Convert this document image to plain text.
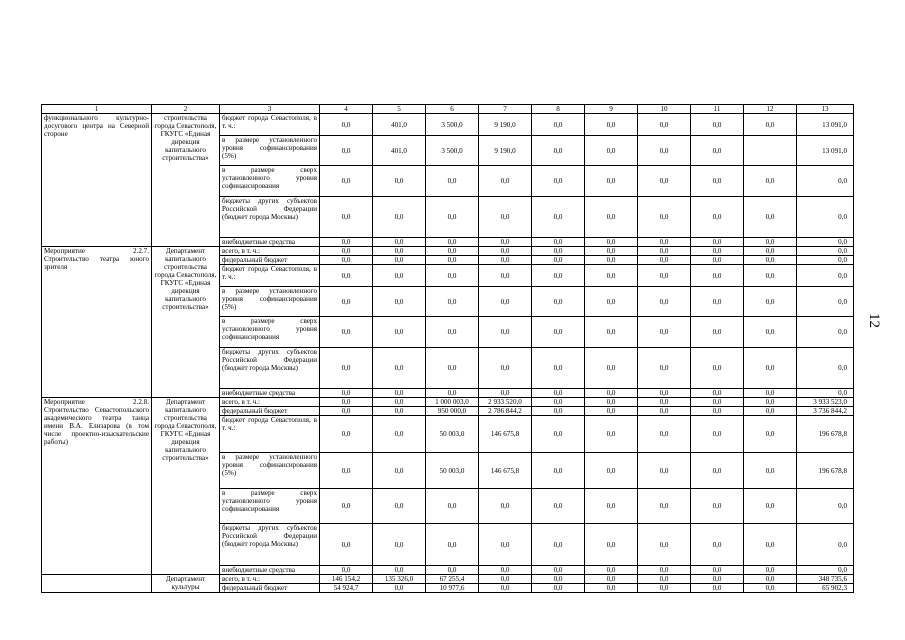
1	2	3	4	5	6	7	8	9	10	11	12	13
функционального культурно-досугового центра на Северной стороне	строительства города Севастополя, ГКУГС «Единая дирекция капитального строительства»	бюджет города Севастополя, в т. ч.:	0,0	401,0	3 500,0	9 190,0	0,0	0,0	0,0	0,0	0,0	13 091,0
		в размере установленного уровня софинансирования (5%)	0,0	401,0	3 500,0	9 190,0	0,0	0,0	0,0	0,0		13 091,0
		в размере сверх установленного уровня софинансирования	0,0	0,0	0,0	0,0	0,0	0,0	0,0	0,0	0,0	0,0
		бюджеты других субъектов Российской Федерации (бюджет города Москвы)	0,0	0,0	0,0	0,0	0,0	0,0	0,0	0,0	0,0	0,0
		внебюджетные средства	0,0	0,0	0,0	0,0	0,0	0,0	0,0	0,0	0,0	0,0
Мероприятие 2.2.7. Строительство театра юного зрителя	Департамент капитального строительства города Севастополя, ГКУГС «Единая дирекция капитального строительства»	всего, в т. ч.:	0,0	0,0	0,0	0,0	0,0	0,0	0,0	0,0	0,0	0,0
		федеральный бюджет	0,0	0,0	0,0	0,0	0,0	0,0	0,0	0,0	0,0	0,0
		бюджет города Севастополя, в т. ч.:	0,0	0,0	0,0	0,0	0,0	0,0	0,0	0,0	0,0	0,0
		в размере установленного уровня софинансирования (5%)	0,0	0,0	0,0	0,0	0,0	0,0	0,0	0,0	0,0	0,0
		в размере сверх установленного уровня софинансирования	0,0	0,0	0,0	0,0	0,0	0,0	0,0	0,0	0,0	0,0
		бюджеты других субъектов Российской Федерации (бюджет города Москвы)	0,0	0,0	0,0	0,0	0,0	0,0	0,0	0,0	0,0	0,0
		внебюджетные средства	0,0	0,0	0,0	0,0	0,0	0,0	0,0	0,0	0,0	0,0
Мероприятие 2.2.8. Строительство Севастопольского академического театра танца имени В.А. Елизарова (в том числе проектно-изыскательские работы)	Департамент капитального строительства города Севастополя, ГКУГС «Единая дирекция капитального строительства»	всего, в т. ч.:	0,0	0,0	1 000 003,0	2 933 520,0	0,0	0,0	0,0	0,0	0,0	3 933 523,0
		федеральный бюджет	0,0	0,0	950 000,0	2 786 844,2	0,0	0,0	0,0	0,0	0,0	3 736 844,2
		бюджет города Севастополя, в т. ч.:	0,0	0,0	50 003,0	146 675,8	0,0	0,0	0,0	0,0	0,0	196 678,8
		в размере установленного уровня софинансирования (5%)	0,0	0,0	50 003,0	146 675,8	0,0	0,0	0,0	0,0	0,0	196 678,8
		в размере сверх установленного уровня софинансирования	0,0	0,0	0,0	0,0	0,0	0,0	0,0	0,0	0,0	0,0
		бюджеты других субъектов Российской Федерации (бюджет города Москвы)	0,0	0,0	0,0	0,0	0,0	0,0	0,0	0,0	0,0	0,0
		внебюджетные средства	0,0	0,0	0,0	0,0	0,0	0,0	0,0	0,0	0,0	0,0
	Департамент культуры	всего, в т. ч.:	146 154,2	135 326,0	67 255,4	0,0	0,0	0,0	0,0	0,0	0,0	348 735,6
		федеральный бюджет	54 924,7	0,0	10 977,6	0,0	0,0	0,0	0,0	0,0	0,0	65 902,3
12
